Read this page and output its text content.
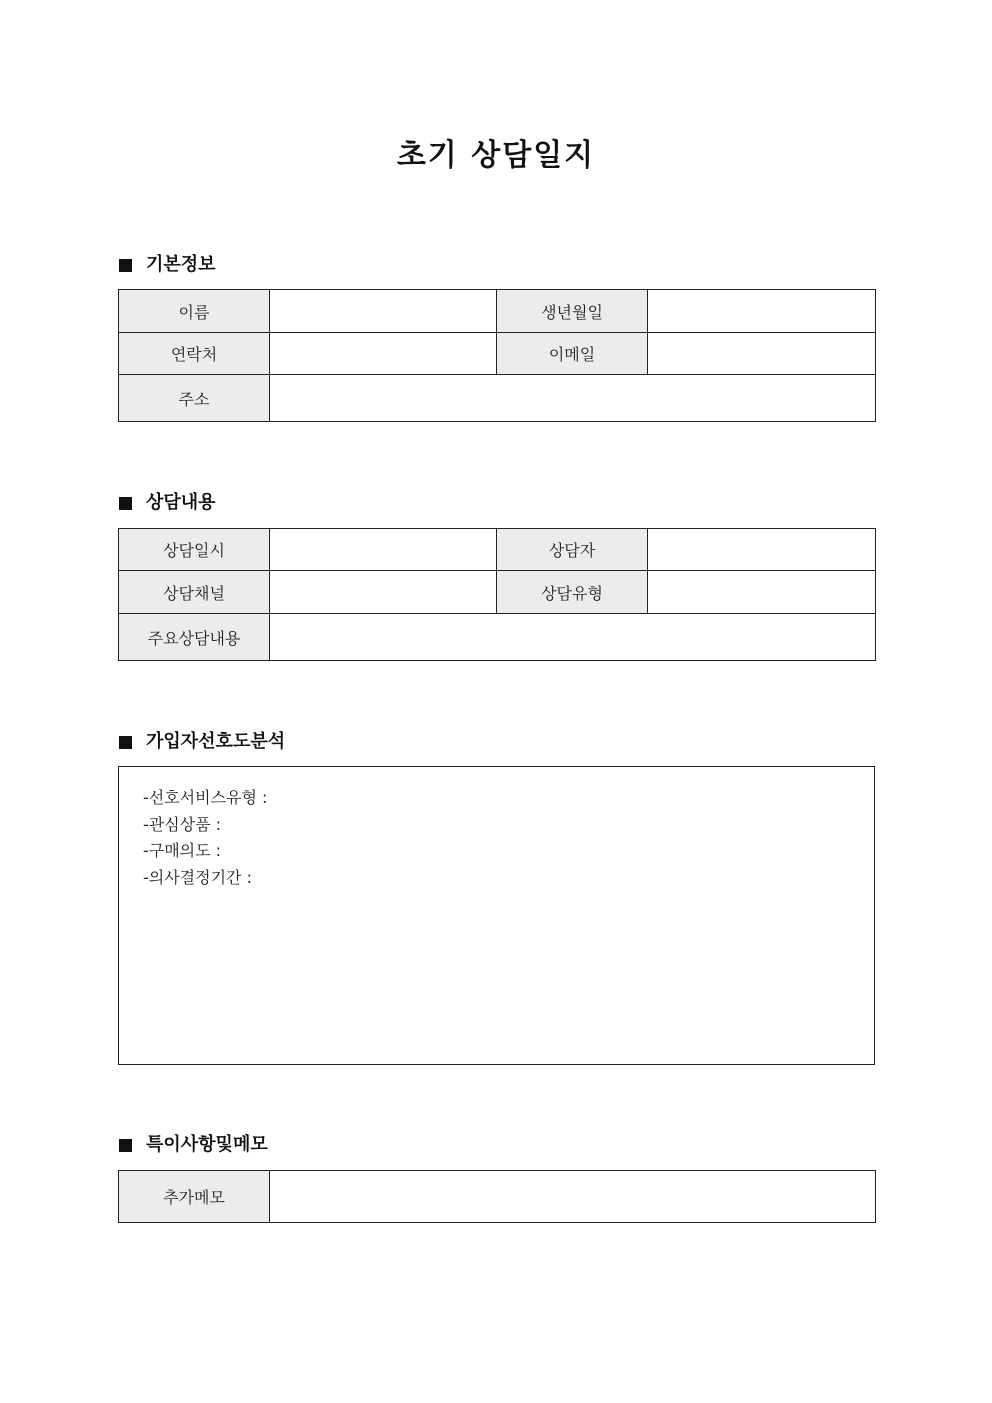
초기 상담일지
기본정보
이름		생년월일	
연락처		이메일	
주소			
상담내용
상담일시		상담자	
상담채널		상담유형	
주요상담내용			
가입자선호도분석
-선호서비스유형 :
-관심상품 :
-구매의도 :
-의사결정기간 :
특이사항및메모
추가메모	
